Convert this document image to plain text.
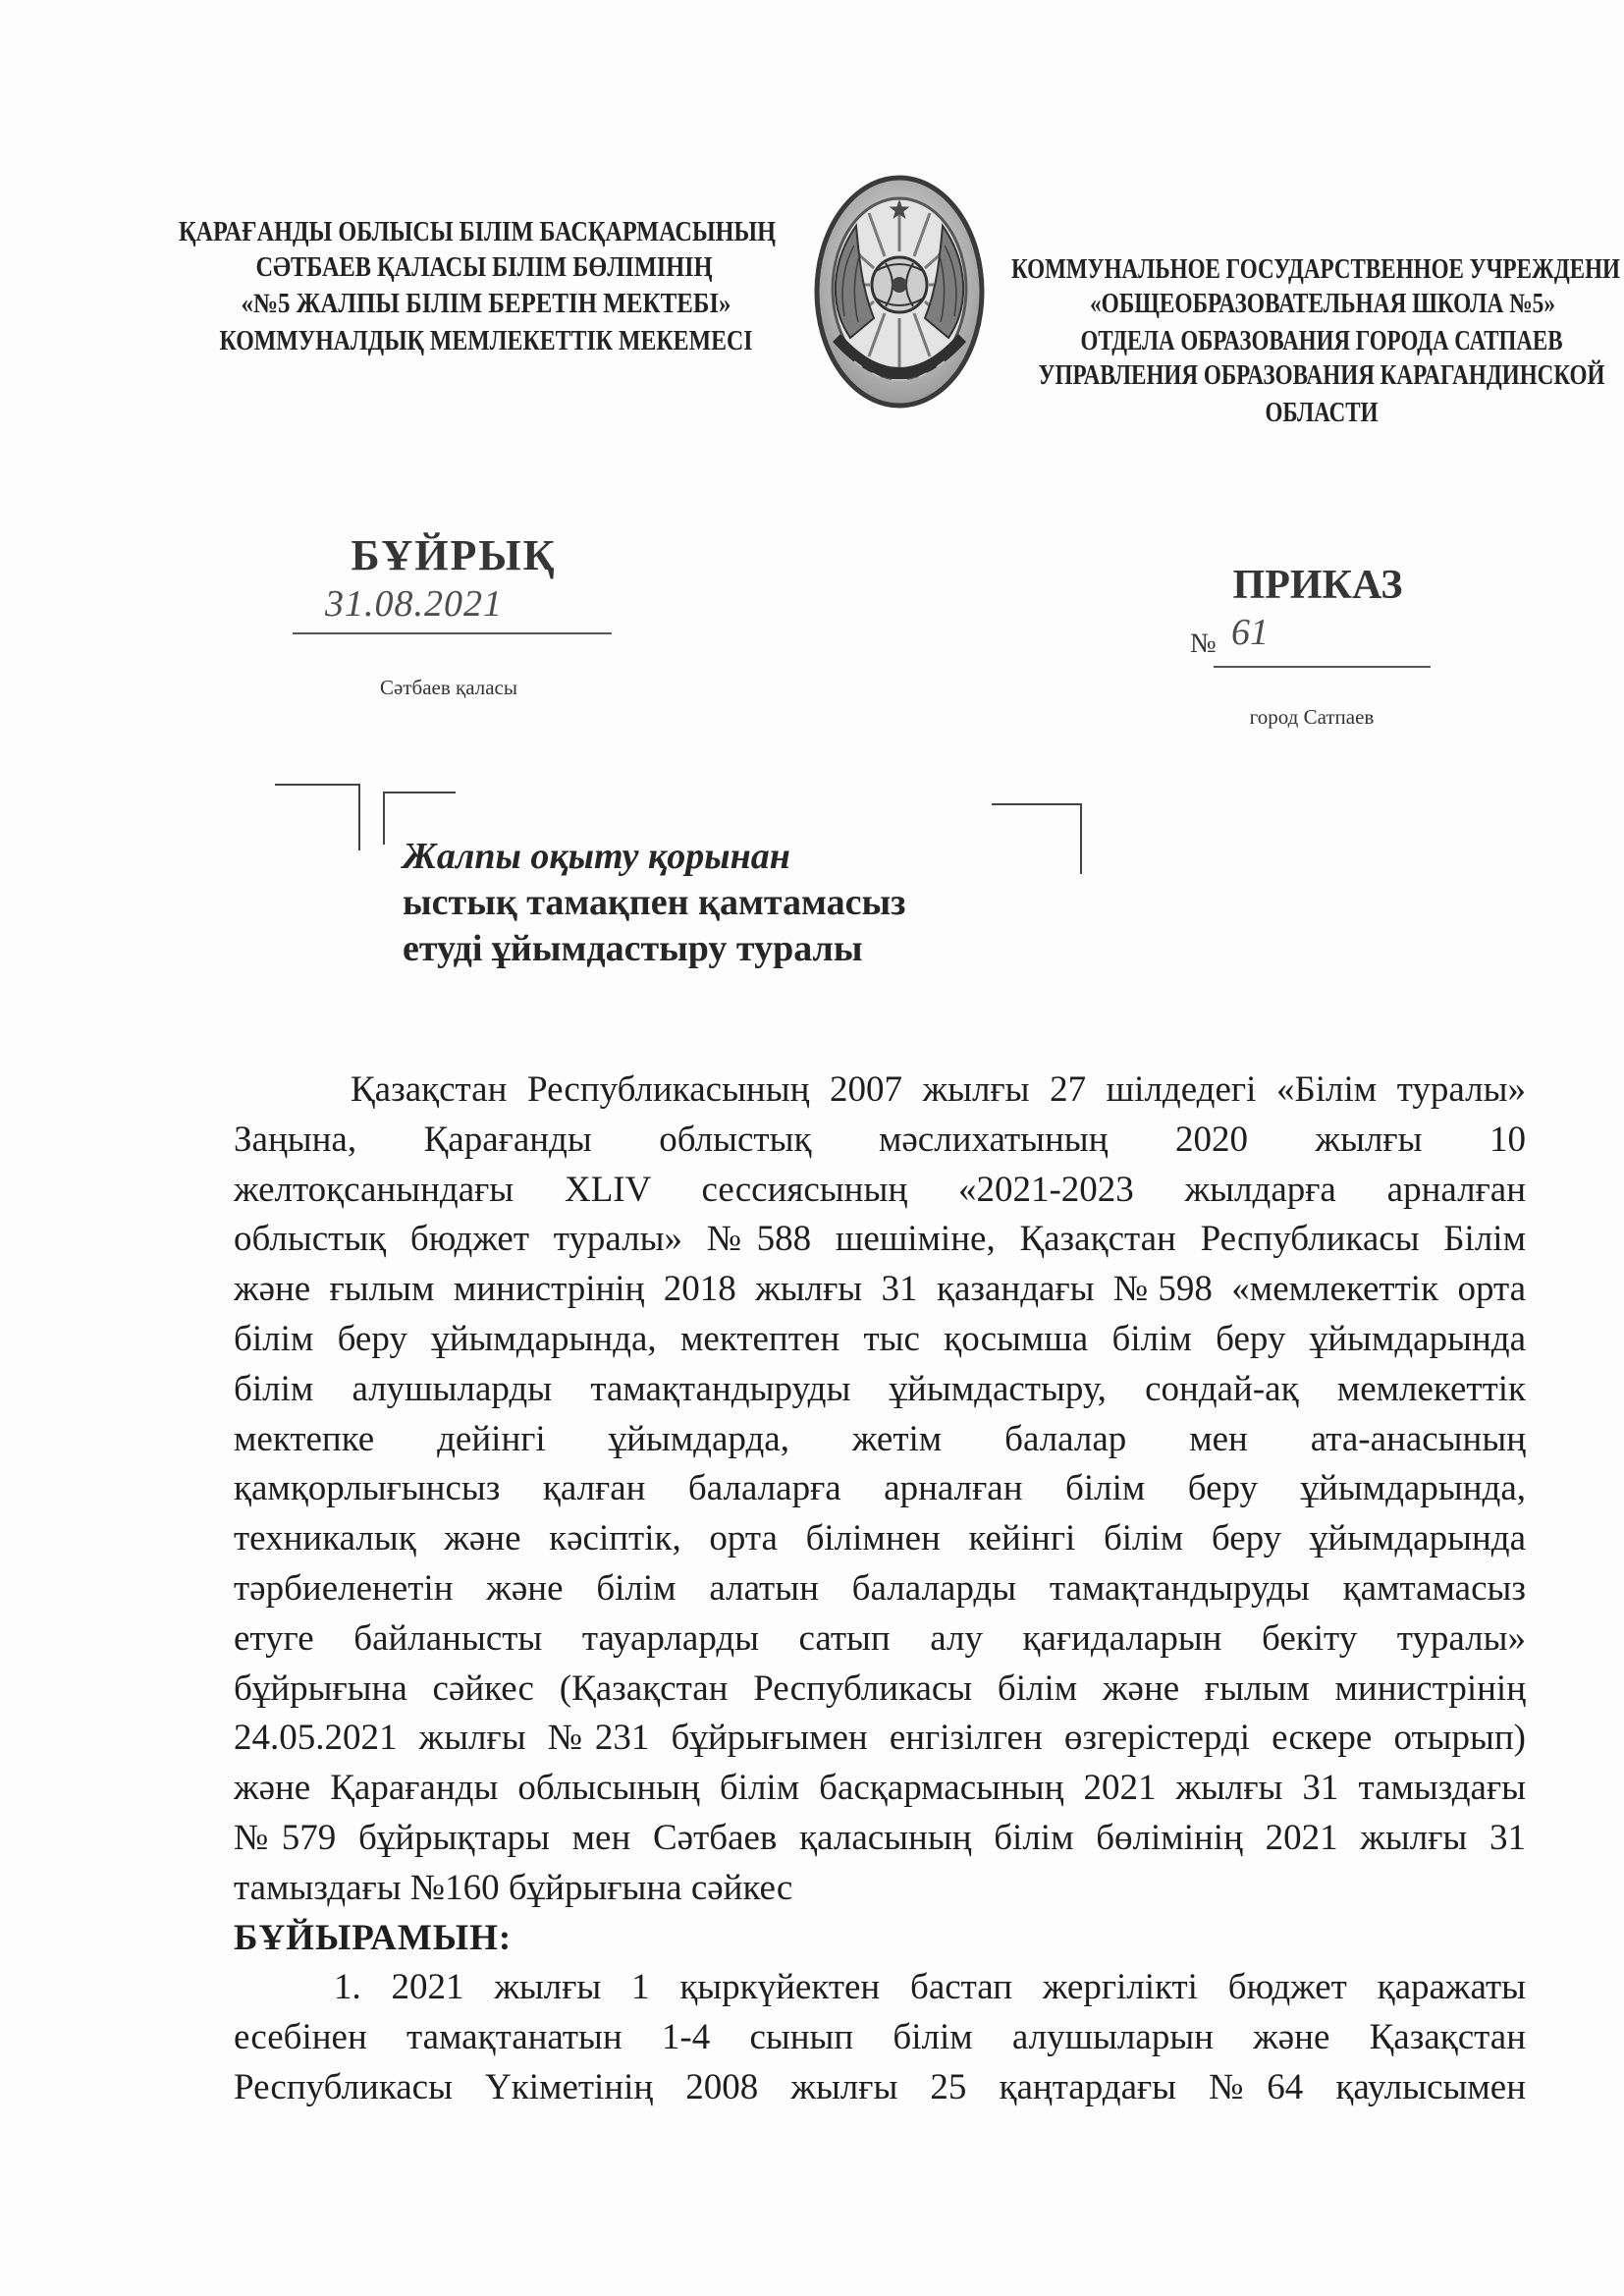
ҚАРАҒАНДЫ ОБЛЫСЫ БІЛІМ БАСҚАРМАСЫНЫҢ
СӘТБАЕВ ҚАЛАСЫ БІЛІМ БӨЛІМІНІҢ
«№5 ЖАЛПЫ БІЛІМ БЕРЕТІН МЕКТЕБІ»
КОММУНАЛДЫҚ МЕМЛЕКЕТТІК МЕКЕМЕСІ
КОММУНАЛЬНОЕ ГОСУДАРСТВЕННОЕ УЧРЕЖДЕНИ
«ОБЩЕОБРАЗОВАТЕЛЬНАЯ ШКОЛА №5»
ОТДЕЛА ОБРАЗОВАНИЯ ГОРОДА САТПАЕВ
УПРАВЛЕНИЯ ОБРАЗОВАНИЯ КАРАГАНДИНСКОЙ
ОБЛАСТИ
БҰЙРЫҚ
31.08.2021
Сәтбаев қаласы
ПРИКАЗ
№ 61
город Сатпаев
Жалпы оқыту қорынан
ыстық тамақпен қамтамасыз
етуді ұйымдастыру туралы
Қазақстан Республикасының 2007 жылғы 27 шілдедегі «Білім туралы»
Заңына, Қарағанды облыстық мәслихатының 2020 жылғы 10
желтоқсанындағы XLIV сессиясының «2021-2023 жылдарға арналған
облыстық бюджет туралы» №588 шешіміне, Қазақстан Республикасы Білім
және ғылым министрінің 2018 жылғы 31 қазандағы №598 «мемлекеттік орта
білім беру ұйымдарында, мектептен тыс қосымша білім беру ұйымдарында
білім алушыларды тамақтандыруды ұйымдастыру, сондай-ақ мемлекеттік
мектепке дейінгі ұйымдарда, жетім балалар мен ата-анасының
қамқорлығынсыз қалған балаларға арналған білім беру ұйымдарында,
техникалық және кәсіптік, орта білімнен кейінгі білім беру ұйымдарында
тәрбиеленетін және білім алатын балаларды тамақтандыруды қамтамасыз
етуге байланысты тауарларды сатып алу қағидаларын бекіту туралы»
бұйрығына сәйкес (Қазақстан Республикасы білім және ғылым министрінің
24.05.2021 жылғы №231 бұйрығымен енгізілген өзгерістерді ескере отырып)
және Қарағанды облысының білім басқармасының 2021 жылғы 31 тамыздағы
№579 бұйрықтары мен Сәтбаев қаласының білім бөлімінің 2021 жылғы 31
тамыздағы №160 бұйрығына сәйкес
БҰЙЫРАМЫН:
1. 2021 жылғы 1 қыркүйектен бастап жергілікті бюджет қаражаты
есебінен тамақтанатын 1-4 сынып білім алушыларын және Қазақстан
Республикасы Үкіметінің 2008 жылғы 25 қаңтардағы №64 қаулысымен
